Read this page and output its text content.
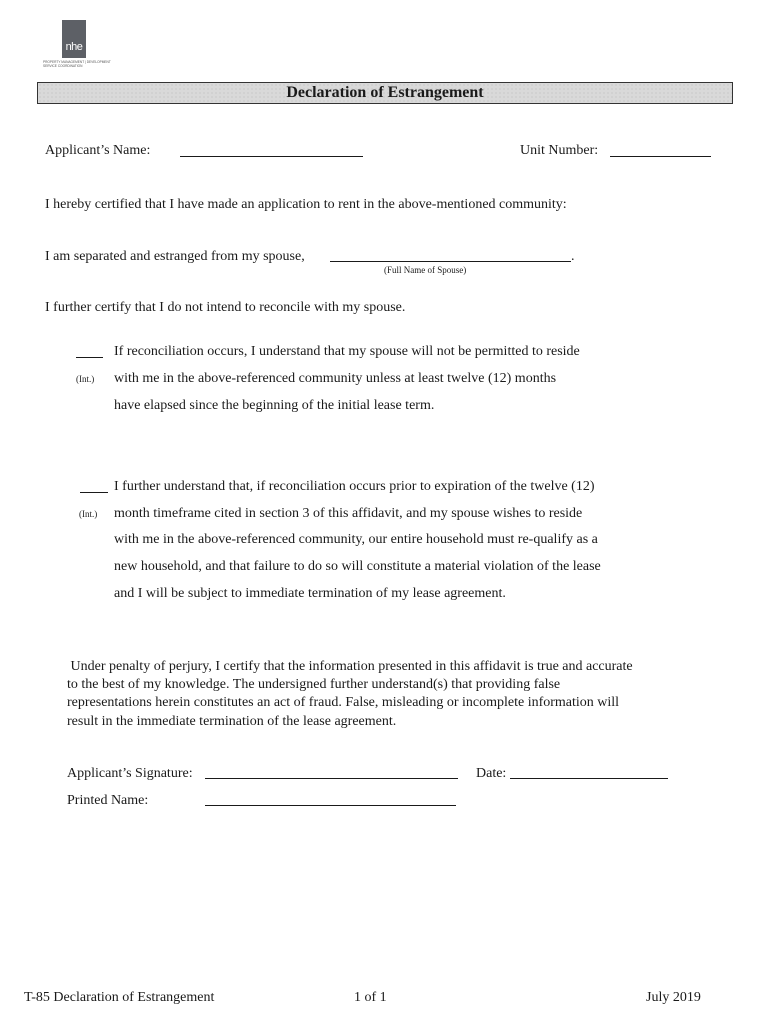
nhe
PROPERTY MANAGEMENT | DEVELOPMENT SERVICE COORDINATION
Declaration of Estrangement
Applicant’s Name:	Unit Number:
I hereby certified that I have made an application to rent in the above-mentioned community:
I am separated and estranged from my spouse,	.
(Full Name of Spouse)
I further certify that I do not intend to reconcile with my spouse.
(Int.)
If reconciliation occurs, I understand that my spouse will not be permitted to reside
with me in the above-referenced community unless at least twelve (12) months
have elapsed since the beginning of the initial lease term.
(Int.)
I further understand that, if reconciliation occurs prior to expiration of the twelve (12)
month timeframe cited in section 3 of this affidavit, and my spouse wishes to reside
with me in the above-referenced community, our entire household must re-qualify as a
new household, and that failure to do so will constitute a material violation of the lease
and I will be subject to immediate termination of my lease agreement.
Under penalty of perjury, I certify that the information presented in this affidavit is true and accurate
to the best of my knowledge. The undersigned further understand(s) that providing false
representations herein constitutes an act of fraud. False, misleading or incomplete information will
result in the immediate termination of the lease agreement.
Applicant’s Signature:	Date:
Printed Name:
T-85 Declaration of Estrangement	1 of 1	July 2019
